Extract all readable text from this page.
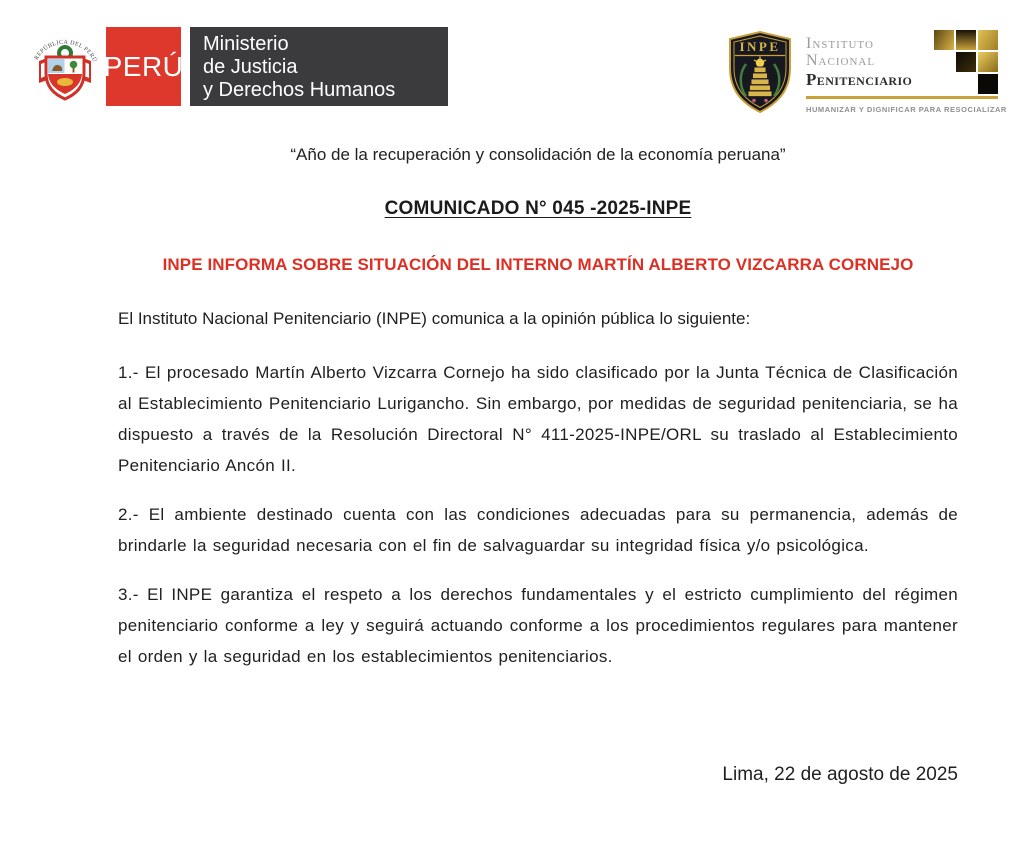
REPÚBLICA DEL PERÚ PERÚ
Ministerio
de Justicia
y Derechos Humanos
INPE Instituto
Nacional
Penitenciario
HUMANIZAR Y DIGNIFICAR PARA RESOCIALIZAR

“Año de la recuperación y consolidación de la economía peruana”

COMUNICADO N° 045 -2025-INPE
INPE INFORMA SOBRE SITUACIÓN DEL INTERNO MARTÍN ALBERTO VIZCARRA CORNEJO

El Instituto Nacional Penitenciario (INPE) comunica a la opinión pública lo siguiente:

1.- El procesado Martín Alberto Vizcarra Cornejo ha sido clasificado por la Junta Técnica de Clasificación al Establecimiento Penitenciario Lurigancho. Sin embargo, por medidas de seguridad penitenciaria, se ha dispuesto a través de la Resolución Directoral N° 411-2025-INPE/ORL su traslado al Establecimiento Penitenciario Ancón II.

2.- El ambiente destinado cuenta con las condiciones adecuadas para su permanencia, además de brindarle la seguridad necesaria con el fin de salvaguardar su integridad física y/o psicológica.

3.- El INPE garantiza el respeto a los derechos fundamentales y el estricto cumplimiento del régimen penitenciario conforme a ley y seguirá actuando conforme a los procedimientos regulares para mantener el orden y la seguridad en los establecimientos penitenciarios.

Lima, 22 de agosto de 2025
